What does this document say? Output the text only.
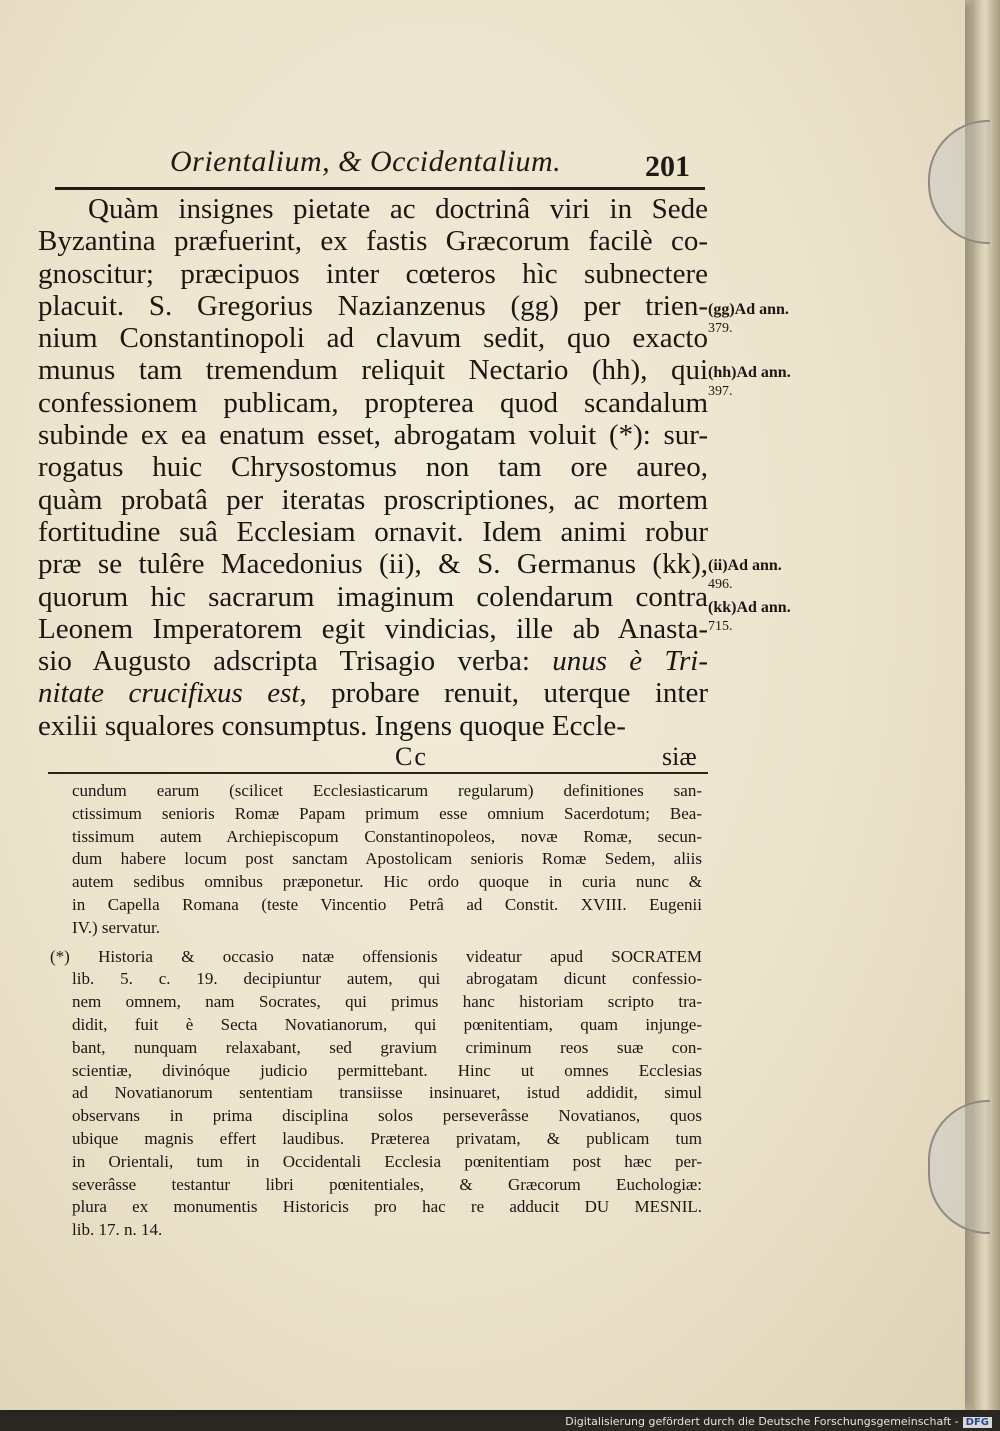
Orientalium, & Occidentalium.	201
Quàm insignes pietate ac doctrinâ viri in Sede
Byzantina præfuerint, ex fastis Græcorum facilè co-
gnoscitur; præcipuos inter cœteros hìc subnectere
placuit. S. Gregorius Nazianzenus (gg) per trien-
nium Constantinopoli ad clavum sedit, quo exacto
munus tam tremendum reliquit Nectario (hh), qui
confessionem publicam, propterea quod scandalum
subinde ex ea enatum esset, abrogatam voluit (*): sur-
rogatus huic Chrysostomus non tam ore aureo,
quàm probatâ per iteratas proscriptiones, ac mortem
fortitudine suâ Ecclesiam ornavit. Idem animi robur
præ se tulêre Macedonius (ii), & S. Germanus (kk),
quorum hic sacrarum imaginum colendarum contra
Leonem Imperatorem egit vindicias, ille ab Anasta-
sio Augusto adscripta Trisagio verba: unus è Tri-
nitate crucifixus est, probare renuit, uterque inter
exilii squalores consumptus. Ingens quoque Eccle-
Cc	siæ
(gg)Ad ann.
379.
(hh)Ad ann.
397.
(ii)Ad ann.
496.
(kk)Ad ann.
715.
cundum earum (scilicet Ecclesiasticarum regularum) definitiones san-
ctissimum senioris Romæ Papam primum esse omnium Sacerdotum; Bea-
tissimum autem Archiepiscopum Constantinopoleos, novæ Romæ, secun-
dum habere locum post sanctam Apostolicam senioris Romæ Sedem, aliis
autem sedibus omnibus præponetur. Hic ordo quoque in curia nunc &
in Capella Romana (teste Vincentio Petrâ ad Constit. XVIII. Eugenii
IV.) servatur.
(*) Historia & occasio natæ offensionis videatur apud SOCRATEM
lib. 5. c. 19. decipiuntur autem, qui abrogatam dicunt confessio-
nem omnem, nam Socrates, qui primus hanc historiam scripto tra-
didit, fuit è Secta Novatianorum, qui pœnitentiam, quam injunge-
bant, nunquam relaxabant, sed gravium criminum reos suæ con-
scientiæ, divinóque judicio permittebant. Hinc ut omnes Ecclesias
ad Novatianorum sententiam transiisse insinuaret, istud addidit, simul
observans in prima disciplina solos perseverâsse Novatianos, quos
ubique magnis effert laudibus. Præterea privatam, & publicam tum
in Orientali, tum in Occidentali Ecclesia pœnitentiam post hæc per-
severâsse testantur libri pœnitentiales, & Græcorum Euchologiæ:
plura ex monumentis Historicis pro hac re adducit DU MESNIL.
lib. 17. n. 14.
Digitalisierung gefördert durch die Deutsche Forschungsgemeinschaft - DFG
